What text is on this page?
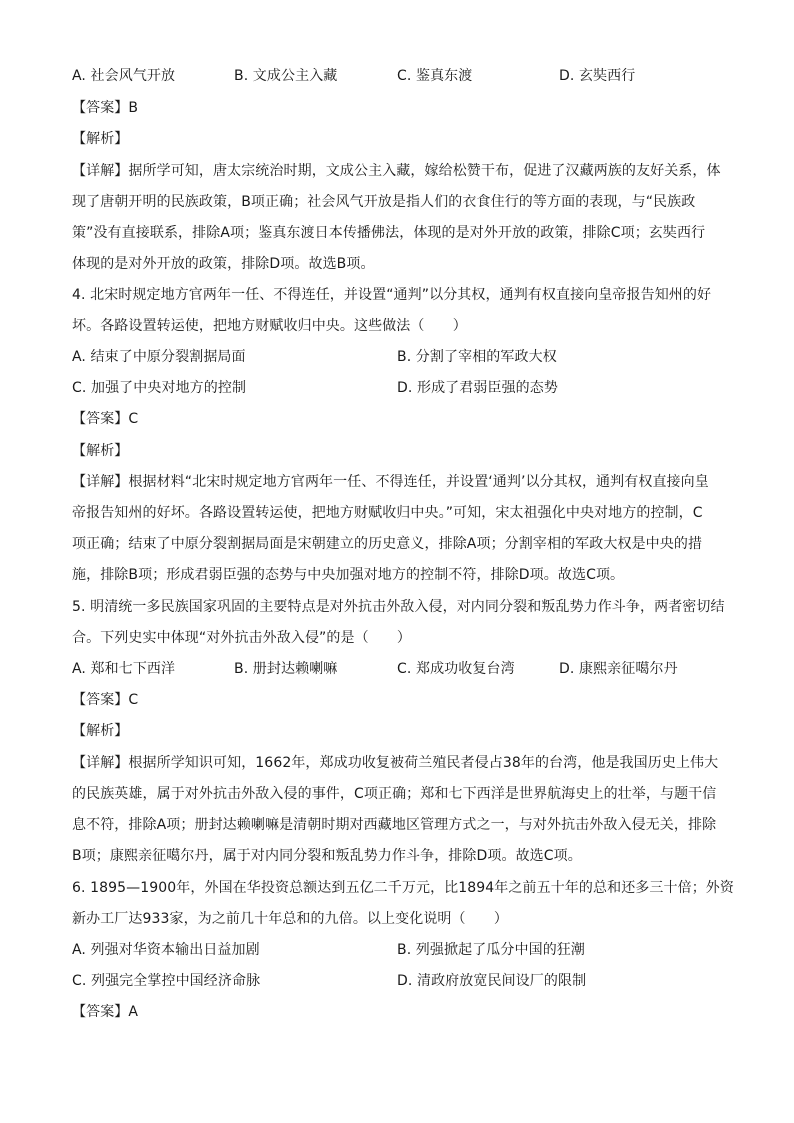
A. 社会风气开放	B. 文成公主入藏	C. 鉴真东渡	D. 玄奘西行
【答案】B
【解析】
【详解】据所学可知，唐太宗统治时期，文成公主入藏，嫁给松赞干布，促进了汉藏两族的友好关系，体
现了唐朝开明的民族政策，B项正确；社会风气开放是指人们的衣食住行的等方面的表现，与“民族政
策”没有直接联系，排除A项；鉴真东渡日本传播佛法，体现的是对外开放的政策，排除C项；玄奘西行
体现的是对外开放的政策，排除D项。故选B项。
4. 北宋时规定地方官两年一任、不得连任，并设置“通判”以分其权，通判有权直接向皇帝报告知州的好
坏。各路设置转运使，把地方财赋收归中央。这些做法（　　）
A. 结束了中原分裂割据局面	B. 分割了宰相的军政大权
C. 加强了中央对地方的控制	D. 形成了君弱臣强的态势
【答案】C
【解析】
【详解】根据材料“北宋时规定地方官两年一任、不得连任，并设置‘通判’以分其权，通判有权直接向皇
帝报告知州的好坏。各路设置转运使，把地方财赋收归中央。”可知，宋太祖强化中央对地方的控制，C
项正确；结束了中原分裂割据局面是宋朝建立的历史意义，排除A项；分割宰相的军政大权是中央的措
施，排除B项；形成君弱臣强的态势与中央加强对地方的控制不符，排除D项。故选C项。
5. 明清统一多民族国家巩固的主要特点是对外抗击外敌入侵，对内同分裂和叛乱势力作斗争，两者密切结
合。下列史实中体现“对外抗击外敌入侵”的是（　　）
A. 郑和七下西洋	B. 册封达赖喇嘛	C. 郑成功收复台湾	D. 康熙亲征噶尔丹
【答案】C
【解析】
【详解】根据所学知识可知，1662年，郑成功收复被荷兰殖民者侵占38年的台湾，他是我国历史上伟大
的民族英雄，属于对外抗击外敌入侵的事件，C项正确；郑和七下西洋是世界航海史上的壮举，与题干信
息不符，排除A项；册封达赖喇嘛是清朝时期对西藏地区管理方式之一，与对外抗击外敌入侵无关，排除
B项；康熙亲征噶尔丹，属于对内同分裂和叛乱势力作斗争，排除D项。故选C项。
6. 1895—1900年，外国在华投资总额达到五亿二千万元，比1894年之前五十年的总和还多三十倍；外资
新办工厂达933家，为之前几十年总和的九倍。以上变化说明（　　）
A. 列强对华资本输出日益加剧	B. 列强掀起了瓜分中国的狂潮
C. 列强完全掌控中国经济命脉	D. 清政府放宽民间设厂的限制
【答案】A
